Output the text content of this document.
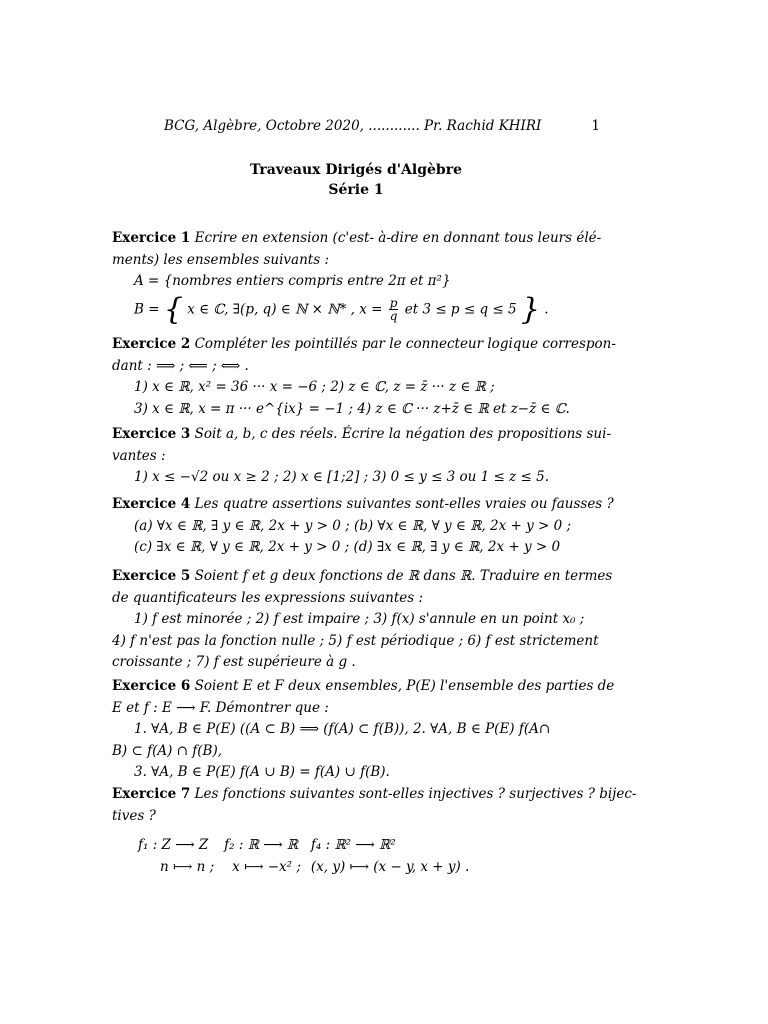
BCG, Algèbre, Octobre 2020, ............ Pr. Rachid KHIRI	1
Traveaux Dirigés d'Algèbre
Série 1
Exercice 1 Ecrire en extension (c'est- à-dire en donnant tous leurs élé-
ments) les ensembles suivants :
A = {nombres entiers compris entre 2π et π²}
B = { x ∈ ℂ, ∃(p, q) ∈ ℕ × ℕ* , $x = \frac{p}{q}$ et 3 ≤ p ≤ q ≤ 5 } .
Exercice 2 Compléter les pointillés par le connecteur logique correspon-
dant : ⟹ ; ⟸ ; ⟺ .
1) x ∈ ℝ, x² = 36 ··· x = −6 ; 2) z ∈ ℂ, z = z̄ ··· z ∈ ℝ ;
3) x ∈ ℝ, x = π ··· e^{ix} = −1 ; 4) z ∈ ℂ ··· z+z̄ ∈ ℝ et z−z̄ ∈ ℂ.
Exercice 3 Soit a, b, c des réels. Écrire la négation des propositions sui-
vantes :
1) x ≤ −√2 ou x ≥ 2 ; 2) x ∈ [1;2] ; 3) 0 ≤ y ≤ 3 ou 1 ≤ z ≤ 5.
Exercice 4 Les quatre assertions suivantes sont-elles vraies ou fausses ?
(a) ∀x ∈ ℝ, ∃ y ∈ ℝ, 2x + y > 0 ; (b) ∀x ∈ ℝ, ∀ y ∈ ℝ, 2x + y > 0 ;
(c) ∃x ∈ ℝ, ∀ y ∈ ℝ, 2x + y > 0 ; (d) ∃x ∈ ℝ, ∃ y ∈ ℝ, 2x + y > 0
Exercice 5 Soient f et g deux fonctions de ℝ dans ℝ. Traduire en termes
de quantificateurs les expressions suivantes :
1) f est minorée ; 2) f est impaire ; 3) f(x) s'annule en un point x₀ ;
4) f n'est pas la fonction nulle ; 5) f est périodique ; 6) f est strictement
croissante ; 7) f est supérieure à g .
Exercice 6 Soient E et F deux ensembles, P(E) l'ensemble des parties de
E et f : E ⟶ F. Démontrer que :
1. ∀A, B ∈ P(E) ((A ⊂ B) ⟹ (f(A) ⊂ f(B)), 2. ∀A, B ∈ P(E) f(A∩
B) ⊂ f(A) ∩ f(B),
3. ∀A, B ∈ P(E) f(A ∪ B) = f(A) ∪ f(B).
Exercice 7 Les fonctions suivantes sont-elles injectives ? surjectives ? bijec-
tives ?
f₁ : Z ⟶ Z	f₂ : ℝ ⟶ ℝ	f₄ : ℝ² ⟶ ℝ²
n ⟼ n ;	x ⟼ −x² ;	(x, y) ⟼ (x − y, x + y) .
